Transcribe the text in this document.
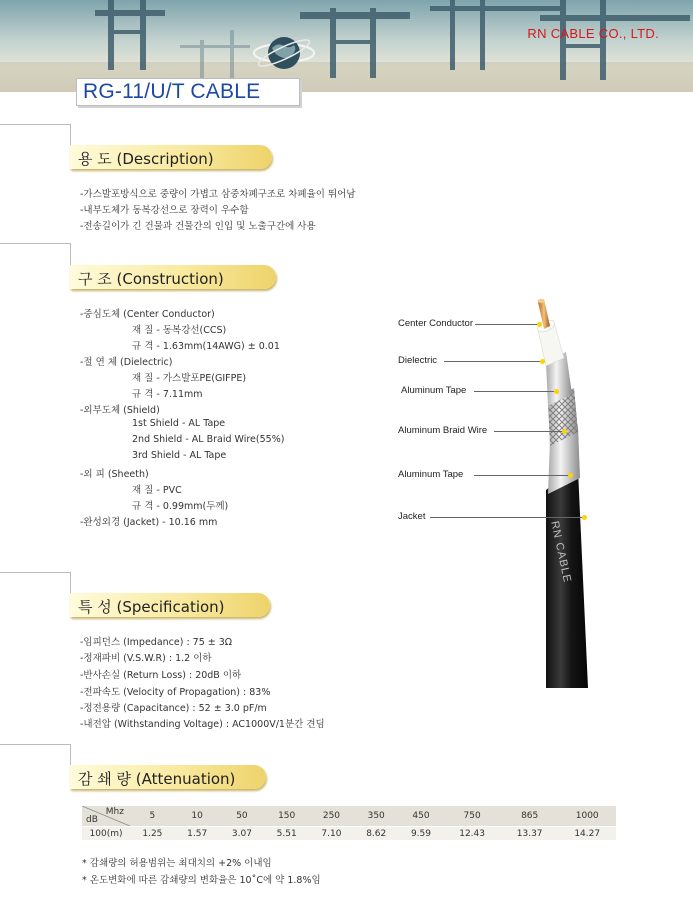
RN CABLE CO., LTD.
RG-11/U/T CABLE
용 도 (Description)
-가스발포방식으로 중량이 가볍고 삼중차폐구조로 차폐율이 뛰어남
-내부도체가 동복강선으로 장력이 우수함
-전송길이가 긴 건물과 건물간의 인입 및 노출구간에 사용
구 조 (Construction)
-중심도체 (Center Conductor)
재 질 - 동복강선(CCS)
규 격 - 1.63mm(14AWG) ± 0.01
-절 연 체 (Dielectric)
재 질 - 가스발포PE(GIFPE)
규 격 - 7.11mm
-외부도체 (Shield)
1st Shield - AL Tape
2nd Shield - AL Braid Wire(55%)
3rd Shield - AL Tape
-외 피 (Sheeth)
재 질 - PVC
규 격 - 0.99mm(두께)
-완성외경 (Jacket) - 10.16 mm
특 성 (Specification)
-임피던스 (Impedance) : 75 ± 3Ω
-정재파비 (V.S.W.R) : 1.2 이하
-반사손실 (Return Loss) : 20dB 이하
-전파속도 (Velocity of Propagation) : 83%
-정전용량 (Capacitance) : 52 ± 3.0 pF/m
-내전압 (Withstanding Voltage) : AC1000V/1분간 견딤
감 쇄 량 (Attenuation)
Mhz
dB	5	10	50	150	250	350	450	750	865	1000
100(m)	1.25	1.57	3.07	5.51	7.10	8.62	9.59	12.43	13.37	14.27
* 감쇄량의 허용범위는 최대치의 +2% 이내임
* 온도변화에 따른 감쇄량의 변화율은 10˚C에 약 1.8%임
RN CABLE
Center Conductor
Dielectric
Aluminum Tape
Aluminum Braid Wire
Aluminum Tape
Jacket
